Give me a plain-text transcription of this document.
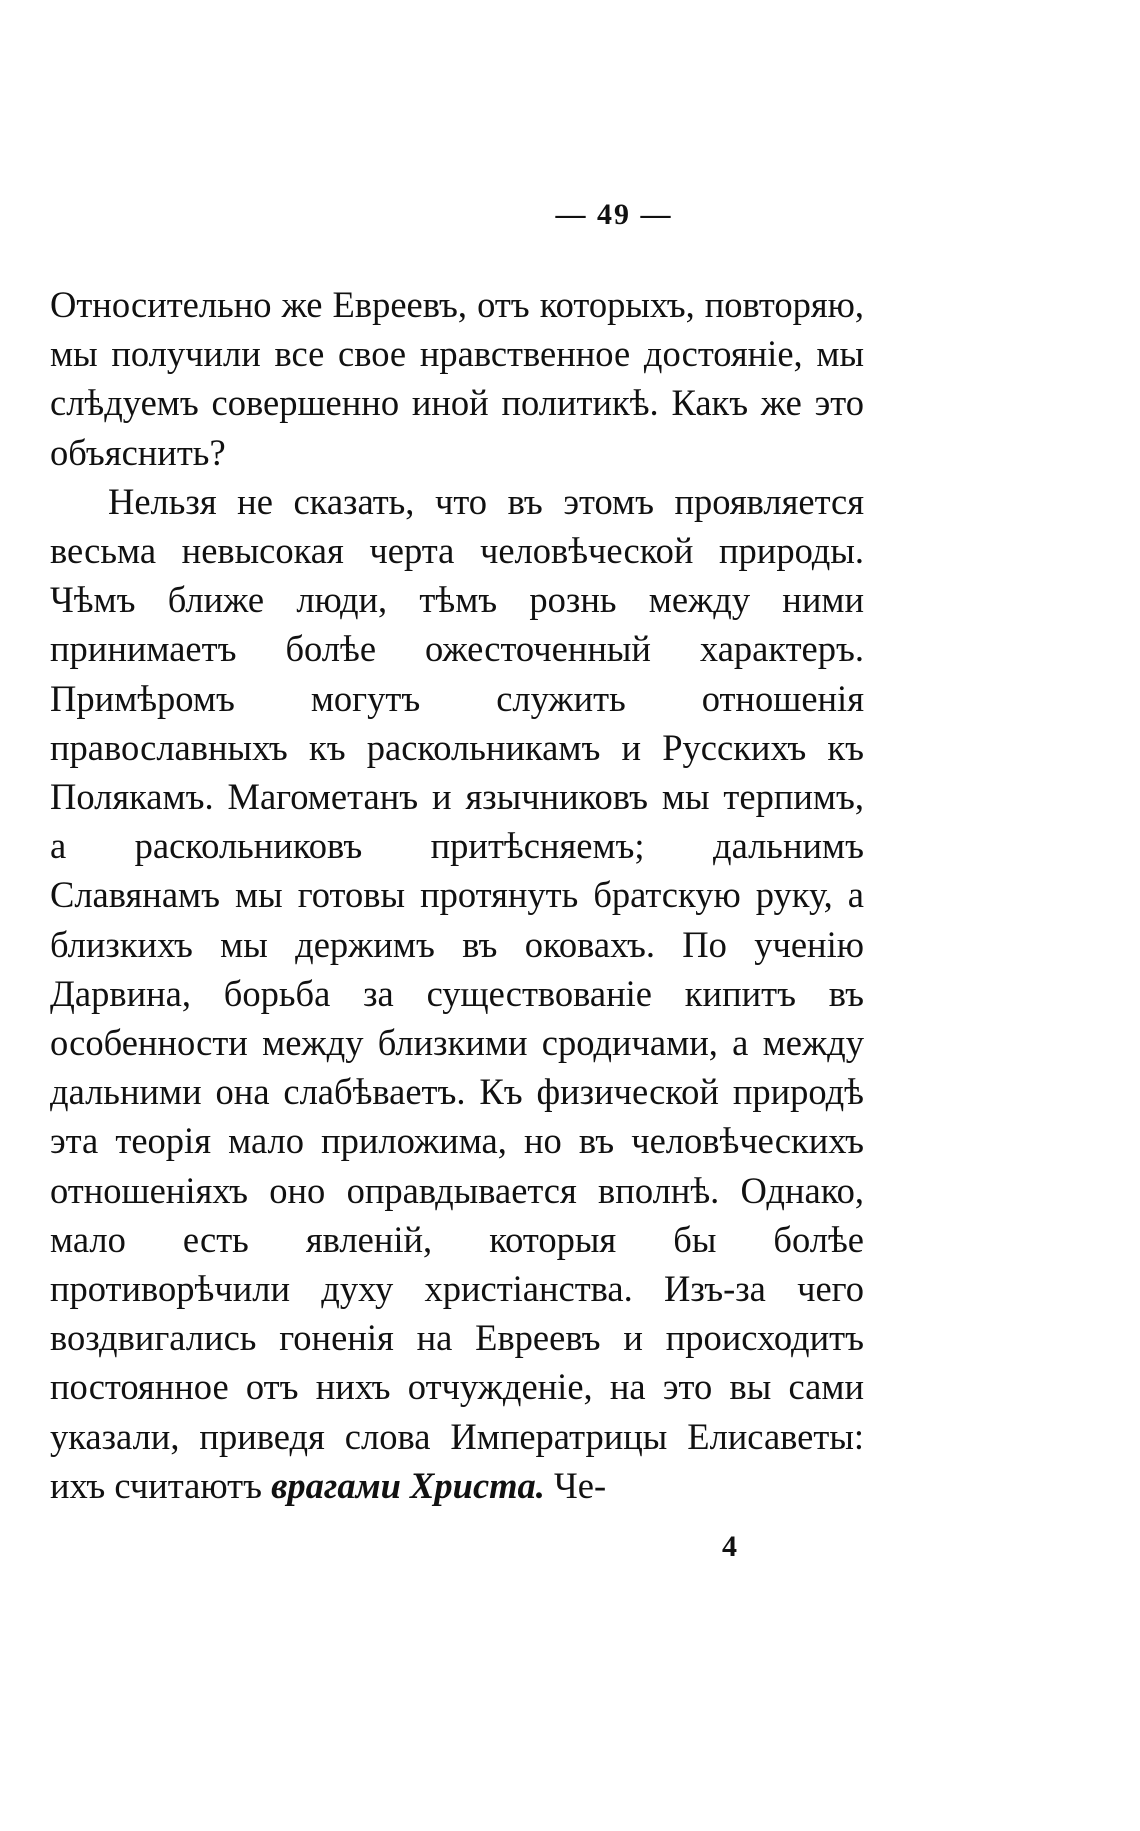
— 49 —

Относительно же Евреевъ, отъ которыхъ, повторяю, мы получили все свое нравственное достоянiе, мы слѣдуемъ совершенно иной политикѣ. Какъ же это объяснить?

Нельзя не сказать, что въ этомъ проявляется весьма невысокая черта человѣческой природы. Чѣмъ ближе люди, тѣмъ рознь между ними принимаетъ болѣе ожесточенный характеръ. Примѣромъ могутъ служить отношенiя православныхъ къ раскольникамъ и Русскихъ къ Полякамъ. Магометанъ и язычниковъ мы терпимъ, а раскольниковъ притѣсняемъ; дальнимъ Славянамъ мы готовы протянуть братскую руку, а близкихъ мы держимъ въ оковахъ. По ученiю Дарвина, борьба за существованiе кипитъ въ особенности между близкими сродичами, а между дальними она слабѣваетъ. Къ физической природѣ эта теорiя мало приложима, но въ человѣческихъ отношенiяхъ оно оправдывается вполнѣ. Однако, мало есть явленiй, которыя бы болѣе противорѣчили духу христiанства. Изъ-за чего воздвигались гоненiя на Евреевъ и происходитъ постоянное отъ нихъ отчужденiе, на это вы сами указали, приведя слова Императрицы Елисаветы: ихъ считаютъ врагами Христа. Че-

4
